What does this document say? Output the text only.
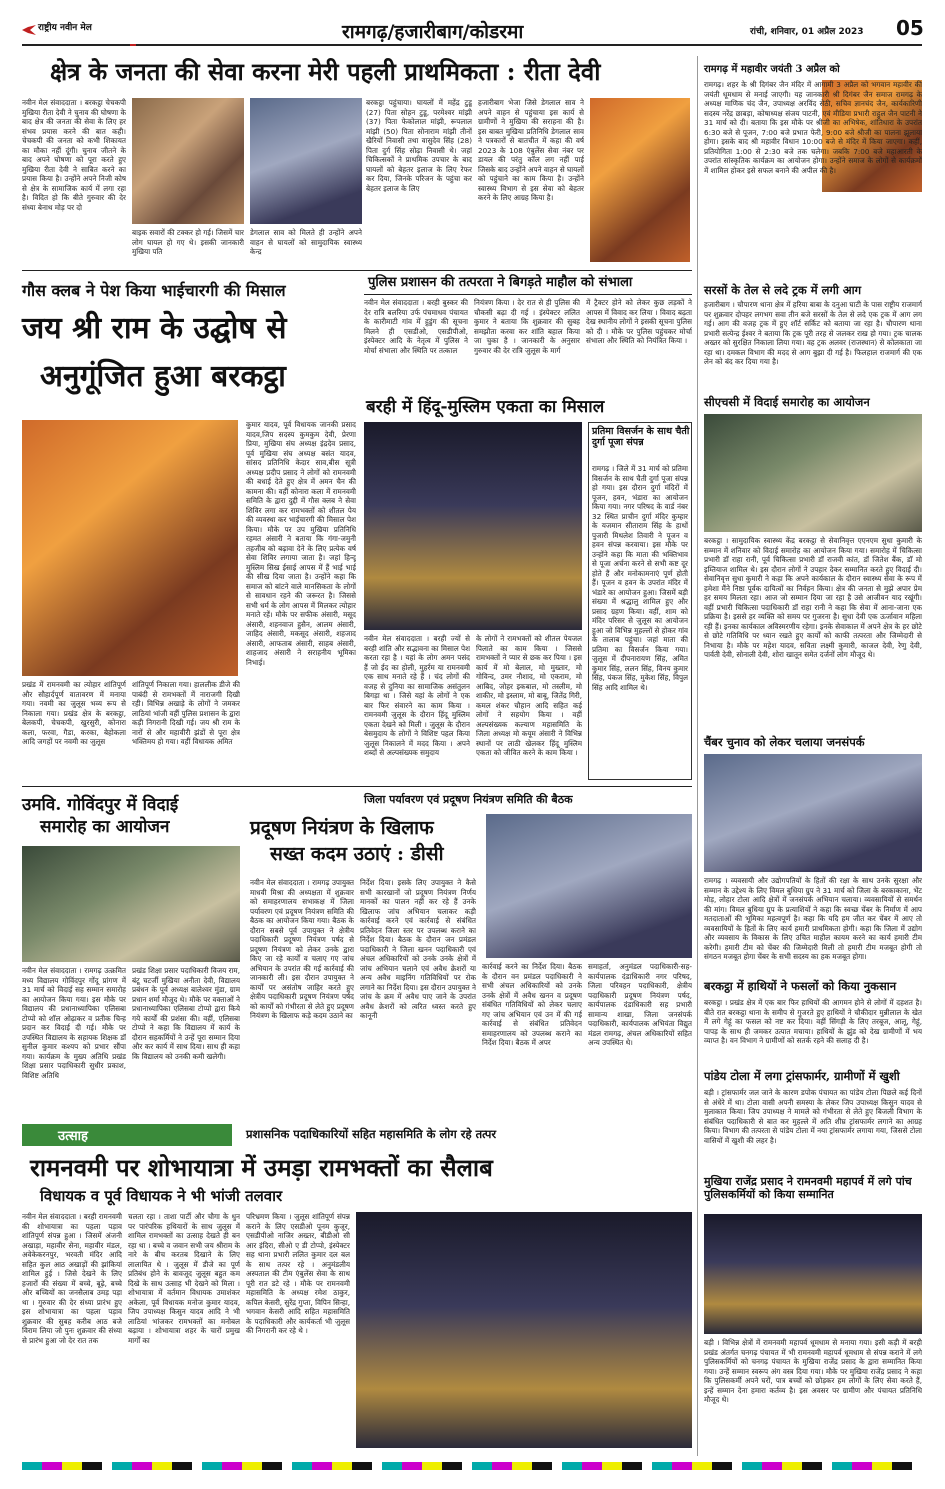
राष्ट्रीय नवीन मेल	रामगढ़/हजारीबाग/कोडरमा	रांची, शनिवार, 01 अप्रैल 2023 05
क्षेत्र के जनता की सेवा करना मेरी पहली प्राथमिकता : रीता देवी
नवीन मेल संवाददाता । बरकट्ठा चेचकपी मुखिया रीता देवी ने चुनाव की घोषणा के बाद क्षेत्र की जनता की सेवा के लिए हर संभव प्रयास करने की बात कही। चेचकपी की जनता को कभी शिकायत का मौका नहीं दूंगी। चुनाव जीतने के बाद अपने घोषणा को पूरा करते हुए मुखिया रीता देवी ने साबित करने का प्रयास किया है। उन्होंने अपने निजी कोष से क्षेत्र के सामाजिक कार्य में लगा रहा है। विदित हो कि बीते गुरुवार की देर संध्या बेनाथ मोड़ पर दो
बाइक सवारों की टक्कर हो गई। जिसमें चार लोग घायल हो गए थे। इसकी जानकारी मुखिया पति
डेगलाल साव को मिलते ही उन्होंने अपने वाहन से घायलों को सामुदायिक स्वास्थ्य केन्द्र
बरकट्ठा पहुंचाया। घायलों में महेंद्र टुडू (27) पिता सोहन टुडू, परमेश्वर मांझी (37) पिता फेकोलाल मांझी, रूपलाल मांझी (50) पिता सोनाराम मांझी तीनों खैरियों निवासी तथा वासुदेव सिंह (28) पिता दुर्ग सिंह सोढ़ा निवासी थे। जहां चिकित्सकों ने प्राथमिक उपचार के बाद घायलों को बेहतर इलाज के लिए रेफर कर दिया, जिनके परिजन के पहुंचा कर बेहतर इलाज के लिए
हजारीबाग भेजा जिसे डेगलाल साव ने अपने वाहन से पहुंचाया इस कार्य से ग्रामीणों ने मुखिया की सराहना की है। इस बाबत मुखिया प्रतिनिधि डेगलाल साव ने पत्रकारों से बातचीत में कहा की वर्ष 2023 के 108 एंबुलेंस सेवा नंबर पर डायल की परंतु कॉल लग नहीं पाई जिसके बाद उन्होंने अपने वाहन से घायलों को पहुंचाने का काम किया है। उन्होंने स्वास्थ्य विभाग से इस सेवा को बेहतर करने के लिए आग्रह किया है।
गौस क्लब ने पेश किया भाईचारगी की मिसाल
जय श्री राम के उद्घोष से
अनुगूंजित हुआ बरकट्ठा
प्रखंड में रामनवमी का त्योहार शांतिपूर्ण और सौहार्दपूर्ण वातावरण में मनाया गया। नवमी का जुलूस भव्य रूप से निकाला गया। प्रखंड क्षेत्र के बरकट्ठा, बेलकपी, चेचकपी, खुरसुरी, कोनारा कला, फरवा, गैडा, करका, बेहोकला आदि जगहों पर नवमी का जुलूस
शांतिपूर्ण निकाला गया। हाललीक डीजे की पाबंदी से रामभक्तों में नाराजगी दिखी रही। विभिन्न अखाड़े के लोगों ने जमकर लाठियां भांजी वहीं पुलिस प्रशासन के द्वारा कड़ी निगरानी दिखी गई। जय श्री राम के नारों से और महावीरी झंडों से पूरा क्षेत्र भक्तिमय हो गया। वहीं विधायक अमित
कुमार यादव, पूर्व विधायक जानकी प्रसाद यादव,जिप सदस्य कुमकुम देवी, प्रेरणा प्रिया, मुखिया संघ अध्यक्ष इंद्रदेव प्रसाद, पूर्व मुखिया संघ अध्यक्ष बसंत यादव, सांसद प्रतिनिधि केदार साव,बीस सूत्री अध्यक्ष प्रदीप प्रसाद ने लोगों को रामनवमी की बधाई देते हुए क्षेत्र में अमन चैन की कामना की। वहीं कोनारा कला में रामनवमी समिति के द्वारा दुद्दी में गौस क्लब ने सेवा शिविर लगा कर रामभक्तों को शीतल पेय की व्यवस्था कर भाईचारगी की मिसाल पेश किया। मौके पर उप मुखिया प्रतिनिधि रहमत अंसारी ने बताया कि गंगा-जमुनी तहजीब को बढ़ावा देने के लिए प्रत्येक वर्ष सेवा शिविर लगाया जाता है। जहां हिन्दू मुस्लिम सिख ईसाई आपस में हैं भाई भाई की सीख दिया जाता है। उन्होंने कहा कि समाज को बांटने वाले मानसिकता के लोगों से सावधान रहने की जरूरत है। जिससे सभी धर्म के लोग आपस में मिलकर त्योहार मनाते रहें। मौके पर सफीक अंसारी, मसूद अंसारी, शहनवाज हुसैन, आलम अंसारी, जाहिद अंसारी, मकसूद अंसारी, शहजाद अंसारी, आफताब अंसारी, साहब अंसारी, शाहजाद अंसारी ने सराहनीय भूमिका निभाई।
पुलिस प्रशासन की तत्परता ने बिगड़ते माहौल को संभाला
नवीन मेल संवाददाता । बरही बुस्कर की देर रात्रि बलरिया उर्फ पंचमाधव पंचायत के कारीमाटी गांव में हुडुंग की सूचना मिलने ही एसडीओ, एसडीपीओ, इंस्पेक्टर आदि के नेतृत्व में पुलिस ने मोर्चा संभाला और स्थिति पर तत्काल
नियंत्रण किया । देर रात से ही पुलिस की चौकसी बढ़ा दी गई । इंस्पेक्टर ललित कुमार ने बताया कि शुक्रवार की सुबह समझौता करवा कर शांति बहाल किया जा चुका है । जानकारी के अनुसार गुरुवार की देर रात्रि जुलूस के मार्ग
में ट्रैक्टर होने को लेकर कुछ लड़कों ने आपस में विवाद कर लिया । विवाद बढ़ता देख स्थानीय लोगों ने इसकी सूचना पुलिस को दी । मौके पर पुलिस पहुंचकर मोर्चा संभाला और स्थिति को नियंत्रित किया ।
बरही में हिंदू-मुस्लिम एकता का मिसाल
नवीन मेल संवाददाता । बरही ज्यों से बरही शांति और सद्भावना का मिसाल पेश करता रहा है । यहां के लोग अमन पसंद हैं जो ईद का होली, मुहर्रम या रामनवमी एक साथ मनाते रहे हैं । चंद लोगों की वजह से दुनिया का सामाजिक असंतुलन बिगड़ा था । जिसे यहां के लोगों ने एक बार फिर संवारने का काम किया । रामनवमी जुलूस के दौरान हिंदू मुस्लिम एकता देखने को मिली । जुलूस के दौरान बेसमुदाय के लोगों ने विशिष्ट पहल किया जुलूस निकालने में मदद किया । अपने शब्दों से अल्पसंख्यक समुदाय
के लोगों ने रामभक्तों को शीतल पेयजल पिलाते का काम किया । जिससे रामभक्तों ने प्यार से छक कर पिया । इस कार्य में मो बेलाल, मो मुख्तार, मो गोविन्द, उमर नौशाद, मो एकराम, मो आबिद, जोहर इकबाल, मो तस्लीम, मो शाकीर, मो इस्लाम, मो बाबू, जितेंद्र गिरी, कमल शंकर चौहान आदि सहित कई लोगों ने सहयोग किया । वहीं अल्पसंख्यक कल्याण महासमिति के जिला अध्यक्ष मो कयूम अंसारी ने विभिन्न स्थानों पर लाठी खेलकर हिंदू मुस्लिम एकता को जीवित करने के काम किया ।
प्रतिमा विसर्जन के साथ चैती दुर्गा पूजा संपन्न
रामगढ़ । जिले में 31 मार्च को प्रतिमा विसर्जन के साथ चैती दुर्गा पूजा संपन्न हो गया। इस दौरान दुर्गा मंदिरों में पूजन, हवन, भंडारा का आयोजन किया गया। नगर परिषद के वार्ड नंबर 32 स्थित प्राचीन दुर्गा मंदिर कुम्हार के यजमान सीताराम सिंह के हाथों पुजारी मिथलेश तिवारी ने पूजन व हवन संपन्न करवाया। इस मौके पर उन्होंने कहा कि माता की भक्तिभाव से पूजा अर्चना करने से सभी कष्ट दूर होते हैं और मनोकामनाएं पूर्ण होती हैं। पूजन व हवन के उपरांत मंदिर में भंडारे का आयोजन हुआ। जिसमें बड़ी संख्या में श्रद्धालु शामिल हुए और प्रसाद ग्रहण किया। वहीं, शाम को मंदिर परिसर से जुलूस का आयोजन हुआ जो विभिन्न मुहल्लों से होकर गांव के तालाब पहुंचा। जहां माता की प्रतिमा का विसर्जन किया गया। जुलूस में दीपनारायण सिंह, अमित कुमार सिंह, ललन सिंह, विनय कुमार सिंह, पंकज सिंह, मुकेश सिंह, विपुल सिंह आदि शामिल थे।
उमवि. गोविंदपुर में विदाई
समारोह का आयोजन
नवीन मेल संवाददाता । रामगढ़ उत्क्रमित मध्य विद्यालय गोविंदपुर गोंदू प्रांगण में 31 मार्च को विदाई सह सम्मान समारोह का आयोजन किया गया। इस मौके पर विद्यालय की प्रधानाध्यापिका एलिसबा टोप्पो को शॉल ओढ़ाकर व प्रतीक चिन्ह प्रदान कर विदाई दी गई। मौके पर उपस्थित विद्यालय के सहायक शिक्षक डॉ सुनील कुमार कश्यप को प्रभार सौंपा गया। कार्यक्रम के मुख्य अतिथि प्रखंड शिक्षा प्रसार पदाधिकारी सुधीर प्रकाश, विशिष्ट अतिथि
प्रखंड शिक्षा प्रसार पदाधिकारी विजय राम, बंटू चटर्जी मुखिया अनीता देवी, विद्यालय प्रबंधन के पूर्व अध्यक्ष बालेश्वर मुंडा, ग्राम प्रधान शर्मा मौजूद थे। मौके पर वक्ताओं ने प्रधानाध्यापिका एलिसबा टोप्पो द्वारा किये गये कार्यों की प्रशंसा की। वहीं, एलिसबा टोप्पो ने कहा कि विद्यालय में कार्य के दौरान सहकर्मियों ने उन्हें पूरा सम्मान दिया और कर कार्य में साथ दिया। साथ ही कहा कि विद्यालय को उनकी कमी खलेगी।
जिला पर्यावरण एवं प्रदूषण नियंत्रण समिति की बैठक
प्रदूषण नियंत्रण के खिलाफ
सख्त कदम उठाएं : डीसी
नवीन मेल संवाददाता । रामगढ़ उपायुक्त माधवी मिश्रा की अध्यक्षता में शुक्रवार को समाहरणालय सभाकक्ष में जिला पर्यावरण एवं प्रदूषण नियंत्रण समिति की बैठक का आयोजन किया गया। बैठक के दौरान सबसे पूर्व उपायुक्त ने क्षेत्रीय पदाधिकारी प्रदूषण नियंत्रण पर्षद से प्रदूषण नियंत्रण को लेकर उनके द्वारा किए जा रहे कार्यों व चलाए गए जांच अभियान के उपरांत की गई कार्रवाई की जानकारी ली। इस दौरान उपायुक्त ने कार्यों पर असंतोष जाहिर करते हुए क्षेत्रीय पदाधिकारी प्रदूषण नियंत्रण पर्षद को कार्यों को गंभीरता से लेते हुए प्रदूषण नियंत्रण के खिलाफ कड़े कदम उठाने का
निर्देश दिया। इसके लिए उपायुक्त ने कैसे सभी कारखानों जो प्रदूषण नियंत्रण निर्णय मानकों का पालन नहीं कर रहे हैं उनके खिलाफ जांच अभियान चलाकर कड़ी कार्रवाई करने एवं कार्रवाई से संबंधित प्रतिवेदन जिला स्तर पर उपलब्ध कराने का निर्देश दिया। बैठक के दौरान जन प्रमंडल पदाधिकारी ने जिला खनन पदाधिकारी एवं अंचल अधिकारियों को उनके उनके क्षेत्रों में जांच अभियान चलाने एवं अवैध क्रेशरों या अन्य अवैध माइनिंग गतिविधियों पर रोक लगाने का निर्देश दिया। इस दौरान उपायुक्त ने जांच के क्रम में अवैध पाए जाने के उपरांत अवैध क्रेशरों को त्वरित ध्वस्त करते हुए कानूनी
कार्रवाई करने का निर्देश दिया। बैठक के दौरान वन प्रमंडल पदाधिकारी ने सभी अंचल अधिकारियों को उनके उनके क्षेत्रों में अवैध खनन व प्रदूषण संबंधित गतिविधियों को लेकर चलाए गए जांच अभियान एवं उन में की गई कार्रवाई से संबंधित प्रतिवेदन समाहरणालय को उपलब्ध कराने का निर्देश दिया। बैठक में अपर
समाहर्ता, अनुमंडल पदाधिकारी-सह-कार्यपालक दंडाधिकारी नगर परिषद, जिला परिवहन पदाधिकारी, क्षेत्रीय पदाधिकारी प्रदूषण नियंत्रण पर्षद, कार्यपालक दंडाधिकारी सह प्रभारी सामान्य शाखा, जिला जनसंपर्क पदाधिकारी, कार्यपालक अभियंता विद्युत मंडल रामगढ़, अंचल अधिकारियों सहित अन्य उपस्थित थे।
उत्साह	प्रशासनिक पदाधिकारियों सहित महासमिति के लोग रहे तत्पर
रामनवमी पर शोभायात्रा में उमड़ा रामभक्तों का सैलाब
विधायक व पूर्व विधायक ने भी भांजी तलवार
नवीन मेल संवाददाता । बरही रामनवमी की शोभायात्रा का पहला पड़ाव शांतिपूर्ण संपन्न हुआ । जिसमें अंजनी अखाड़ा, महावीर सेना, महावीर मंडल, अवेकेकरनपुर, भरवती मंदिर आदि सहित कुल आठ अखाड़ों की झांकियां शामिल हुई । जिसे देखने के लिए हजारों की संख्या में बच्चे, बूढ़े, बच्चे और बच्चियों का जनसैलाब उमड़ पड़ा था । गुरुवार की देर संध्या प्रारंभ हुए इस शोभायात्रा का पहला पड़ाव शुक्रवार की सुबह करीब आठ बजे विराम लिया जो पुनः शुक्रवार की संध्या से प्रारंभ हुआ जो देर रात तक
चलता रहा । ताशा पार्टी और चौगा के धुन पर पारंपरिक हथियारों के साथ जुलूस में शामिल रामभक्तों का उत्साह देखते ही बन रहा था । बच्चे व जवान सभी जय श्रीराम के नारे के बीच करतब दिखाने के लिए लालायित थे । जुलूस में डीजे का पूर्ण प्रतिबंध होने के बावजूद जुलूस बहुत कम दिखे के साथ उत्साह भी देखने को मिला । शोभायात्रा में वर्तमान विधायक उमाशंकर अकेला, पूर्व विधायक मनोज कुमार यादव, जिप उपाध्यक्ष किसुन यादव आदि ने भी लाठियां भांजकर रामभक्तों का मनोबल बढ़ाया । शोभायात्रा शहर के चारों प्रमुख मार्गों का
परिभ्रमण किया । जुलूस शांतिपूर्ण संपन्न कराने के लिए एसडीओ पूनम कुजूर, एसडीपीओ नाजिर अख्तर, बीडीओ सी आर इंदिरा, सीओ ए डी टोप्पो, इंस्पेक्टर सह थाना प्रभारी ललित कुमार दल बल के साथ तत्पर रहे । अनुमंडलीय अस्पताल की टीम एंबुलेंस सेवा के साथ पूरी रात डटे रहे । मौके पर रामनवमी महासमिति के अध्यक्ष रमेश ठाकुर, कपिल केसरी, सुरेंद्र गुप्ता, विपिन सिन्हा, भगवान केसरी आदि सहित महासमिति के पदाधिकारी और कार्यकर्ता भी जुलूस की निगरानी कर रहे थे ।
रामगढ़ में महावीर जयंती 3 अप्रैल को
रामगढ़। शहर के श्री दिगंबर जैन मंदिर में आगामी 3 अप्रैल को भगवान महावीर की जयंती धूमधाम से मनाई जाएगी। यह जानकारी श्री दिगंबर जैन समाज रामगढ़ के अध्यक्ष माणिक चंद जैन, उपाध्यक्ष अरविंद सेठी, सचिव ज्ञानचंद जैन, कार्यकारिणी सदस्य नरेंद्र छाबड़ा, कोषाध्यक्ष संजय पाटनी, एवं मीडिया प्रभारी राहुल जैन पाटनी ने 31 मार्च को दी। बताया कि इस मौके पर श्रीजी का अभिषेक, शांतिधारा के उपरांत 6:30 बजे से पूजन, 7:00 बजे प्रभात फेरी, 9:00 बजे श्रीजी का पालना झूलाया होगा। इसके बाद श्री महावीर विधान 10:00 बजे से मंदिर में किया जाएगा। कहीं, प्रतियोगिता 1:00 से 2:30 बजे तक चलेगा। जबकि 7:00 बजे महाआरती के उपरांत सांस्कृतिक कार्यक्रम का आयोजन होगा। उन्होंने समाज के लोगों से कार्यक्रमों में शामिल होकर इसे सफल बनाने की अपील की है।
सरसों के तेल से लदे ट्रक में लगी आग
हजारीबाग । चौपारण थाना क्षेत्र में हरिया बाबा के दनुआ घाटी के पास राष्ट्रीय राजमार्ग पर शुक्रवार दोपहर लगभग सवा तीन बजे सरसों के तेल से लदे एक ट्रक में आग लग गई। आग की वजह ट्रक में हुए शॉर्ट सर्किट को बताया जा रहा है। चौपारण थाना प्रभारी सत्येन्द्र ईश्वर ने बताया कि ट्रक पूरी तरह से जलकर राख हो गया। ट्रक चालक अख्तर को सुरक्षित निकाला लिया गया। वह ट्रक अलवर (राजस्थान) से कोलकाता जा रहा था। दमकल विभाग की मदद से आग बुझा दी गई है। फिलहाल राजमार्ग की एक लेन को बंद कर दिया गया है।
सीएचसी में विदाई समारोह का आयोजन
बरकट्ठा । सामुदायिक स्वास्थ्य केंद्र बरकट्ठा से सेवानिवृत्त एएनएम सुधा कुमारी के सम्मान में शनिवार को विदाई समारोह का आयोजन किया गया। समारोह में चिकित्सा प्रभारी डॉ राहा रानी, पूर्व चिकित्सा प्रभारी डॉ राजवी कांत, डॉ जितेश बैंक, डॉ मो इम्तियाज शामिल थे। इस दौरान लोगों ने उपहार देकर सम्मानित करते हुए विदाई दी। सेवानिवृत्त सुधा कुमारी ने कहा कि अपने कार्यकाल के दौरान स्वास्थ्य सेवा के रूप में हमेशा मैंने निष्ठा पूर्वक दायित्वों का निर्वहन किया। क्षेत्र की जनता से मुझे अपार प्रेम हर समय मिलता रहा। आज जो सम्मान दिया जा रहा है उसे आजीवन याद रखूंगी। वहीं प्रभारी चिकित्सा पदाधिकारी डॉ राहा रानी ने कहा कि सेवा में आना-जाना एक प्रक्रिया है। इससे हर व्यक्ति को समय पर गुजरना है। सुधा देवी एक ऊर्जावान महिला रही हैं। इनका कार्यकाल अविस्मरणीय रहेगा। इनके सेवाकाल में अपने क्षेत्र के हर छोटे से छोटे गतिविधि पर ध्यान रखते हुए कार्यों को काफी तत्परता और जिम्मेदारी से निभाया है। मौके पर महेश यादव, सविता लक्ष्मी कुमारी, काजल देवी, रेणु देवी, पार्वती देवी, सोनाली देवी, शोरा खातून समेत दर्जनों लोग मौजूद थे।
चैंबर चुनाव को लेकर चलाया जनसंपर्क
रामगढ़ । व्यवसायी और उद्योगपतियों के हितों की रक्षा के साथ उनके सुरक्षा और सम्मान के उद्देश्य के लिए विमल बुधिया ग्रुप ने 31 मार्च को जिला के बरकाकाना, भेंट मोड़, लोहार टोला आदि क्षेत्रों में जनसंपर्क अभियान चलाया। व्यवसायियों से समर्थन की मांग। विमल बुधिया ग्रुप के प्रत्याशियों ने कहा कि स्वच्छ चेंबर के निर्माण में आप मतदाताओं की भूमिका महत्वपूर्ण है। कहा कि यदि हम जीत कर चेंबर में आए तो व्यवसायियों के हितों के लिए कार्य हमारी प्राथमिकता होगी। कहा कि जिला में उद्योग और व्यवसाय के विकास के लिए उचित माहौल कायम करने का कार्य हमारी टीम करेगी। हमारी टीम को चेंबर की जिम्मेदारी मिली तो हमारी टीम मजबूत होगी तो संगठन मजबूत होगा चेंबर के सभी सदस्य का हक मजबूत होगा।
बरकट्ठा में हाथियों ने फसलों को किया नुकसान
बरकट्ठा । प्रखंड क्षेत्र में एक बार फिर हाथियों की आगमन होने से लोगों में दहशत है। बीते रात बरकट्ठा थाना के समीप से गुजरते हुए हाथियों ने चौकीदार मुन्नीलाल के खेत में लगे गेहूं का फसल को नष्ट कर दिया। वहीं सिंगड़ी के लिए तरबूज, आलू, गेहूं, पापड़ के साथ ही जमकर उत्पात मचाया। हाथियों के झुंड को देख ग्रामीणों में भय व्याप्त है। वन विभाग ने ग्रामीणों को सतर्क रहने की सलाह दी है।
पांडेय टोला में लगा ट्रांसफार्मर, ग्रामीणों में खुशी
बड़ी । ट्रांसफार्मर जल जाने के कारण डपोक पंचायत का पांडेय टोला पिछले कई दिनों से अंधेरे में था। टोला वासी अपनी समस्या के लेकर जिप उपाध्यक्ष किसुन यादव से मुलाकात किया। जिप उपाध्यक्ष ने मामले को गंभीरता से लेते हुए बिजली विभाग के संबंधित पदाधिकारी से बात कर मुहल्ले में अति शीघ्र ट्रांसफार्मर लगाने का आग्रह किया। विभाग की तत्परता से पांडेय टोला में नया ट्रांसफार्मर लगाया गया, जिससे टोला वासियों में खुशी की लहर है।
मुखिया राजेंद्र प्रसाद ने रामनवमी महापर्व में लगे पांच पुलिसकर्मियों को किया सम्मानित
बड़ी । विभिन्न क्षेत्रों में रामनवमी महापर्व धूमधाम से मनाया गया। इसी कड़ी में बरही प्रखंड अंतर्गत चनगढ़ पंचायत में भी रामनवमी महापर्व धूमधाम से संपन्न कराने में लगे पुलिसकर्मियों को चनगढ़ पंचायत के मुखिया राजेंद्र प्रसाद के द्वारा सम्मानित किया गया। उन्हें सम्मान स्वरूप अंग वस्त्र दिया गया। मौके पर मुखिया राजेंद्र प्रसाद ने कहा कि पुलिसकर्मी अपने घरों, पात्र बच्चों को छोड़कर हम लोगों के लिए सेवा करते हैं, इन्हें सम्मान देना हमारा कर्तव्य है। इस अवसर पर ग्रामीण और पंचायत प्रतिनिधि मौजूद थे।
